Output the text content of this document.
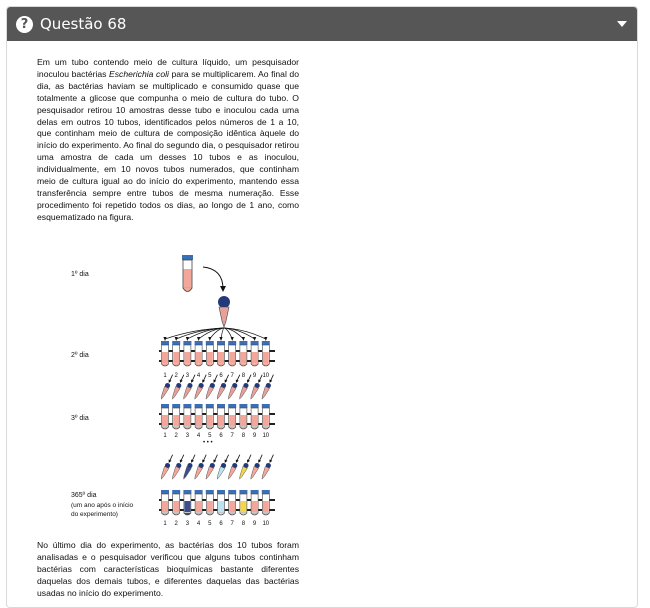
? Questão 68

Em um tubo contendo meio de cultura líquido, um pesquisador inoculou bactérias Escherichia coli para se multiplicarem. Ao final do dia, as bactérias haviam se multiplicado e consumido quase que totalmente a glicose que compunha o meio de cultura do tubo. O pesquisador retirou 10 amostras desse tubo e inoculou cada uma delas em outros 10 tubos, identificados pelos números de 1 a 10, que continham meio de cultura de composição idêntica àquele do início do experimento. Ao final do segundo dia, o pesquisador retirou uma amostra de cada um desses 10 tubos e as inoculou, individualmente, em 10 novos tubos numerados, que continham meio de cultura igual ao do início do experimento, mantendo essa transferência sempre entre tubos de mesma numeração. Esse procedimento foi repetido todos os dias, ao longo de 1 ano, como esquematizado na figura.

1º dia
2º dia
1 2 3 4 5 6 7 8 9 10
3º dia
1 2 3 4 5 6 7 8 9 10
• • •
365º dia
(um ano após o início
do experimento)
1 2 3 4 5 6 7 8 9 10

No último dia do experimento, as bactérias dos 10 tubos foram analisadas e o pesquisador verificou que alguns tubos continham bactérias com características bioquímicas bastante diferentes daquelas dos demais tubos, e diferentes daquelas das bactérias usadas no início do experimento.
